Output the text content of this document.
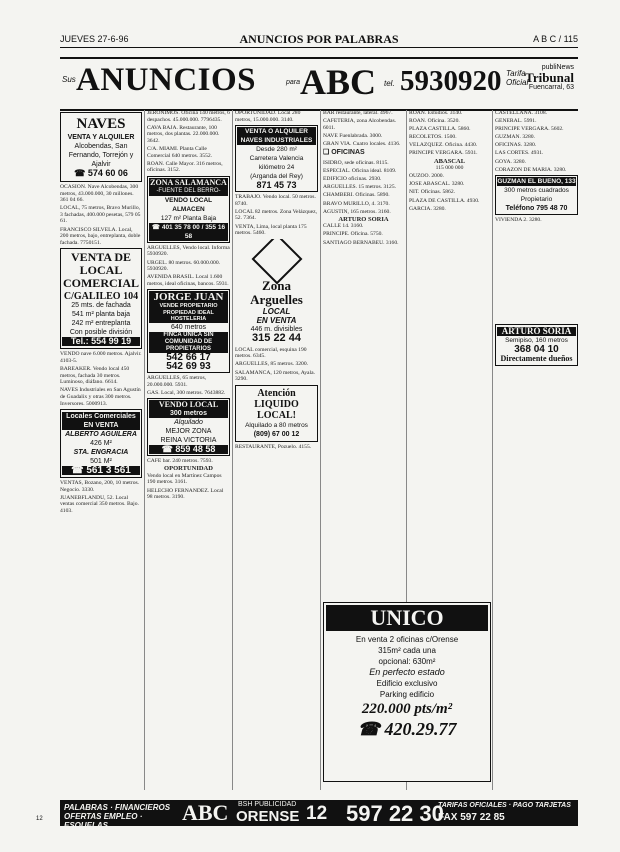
JUEVES 27-6-96	ANUNCIOS POR PALABRAS	A B C / 115
Sus ANUNCIOS	para ABC tel. 5930920 Tarifa Oficial
publiNews
Tribunal
Fuencarral, 63
NAVES
VENTA Y ALQUILER
Alcobendas, San Fernando, Torrejón y Ajalvir
☎ 574 60 06

OCASION. Nave Alcobendas, 300 metros, 43.000.000, 30 millones. 361 04 66.

LOCAL, 75 metros, Bravo Murillo, 3 fachadas, 400.000 pesetas, 579 05 61.

FRANCISCO SILVELA. Local, 200 metros, bajo, entreplanta, doble fachada. 7750151.

VENTA DE LOCAL COMERCIAL
C/GALILEO 104
25 mts. de fachada
541 m² planta baja
242 m² entreplanta
Con posible división
Tel.: 554 99 19

VENDO nave 6.000 metros. Ajalvir. 4103-5.

BAREAKER. Vendo local 450 metros, fachada 30 metros. Luminoso, diáfano. 6614.

NAVES Industriales en San Agustín de Guadalix y otras 300 metros. Inversores. 5000913.

Locales Comerciales EN VENTA
ALBERTO AGUILERA
426 M²
STA. ENGRACIA
501 M²
☎ 561 3 561

VENTAS, Bozano, 200, 10 metros. Negocio. 3330.

JUANEBFLANDU, 52. Local ventas comercial 350 metros. Bajo. 4103.

JERONIMOS. Oficina 140 metros, 6 despachos. 45.000.000. 7796435.

CAVA BAJA. Restaurante, 100 metros, dos plantas. 22.000.000. 3642.

C/A. MIAMI. Planta Calle Comercial 640 metros. 3552.

ROAN. Calle Mayor. 316 metros, oficinas. 3152.

ZONA SALAMANCA
-FUENTE DEL BERRO-
VENDO LOCAL ALMACEN
127 m² Planta Baja
☎ 401 35 78 00 / 355 16 58

ARGUELLES, Vendo local. Informa 5930920.

URGEL. 80 metros. 60.000.000. 5930920.

AVENIDA BRASIL. Local 1.600 metros, ideal oficinas, bancos. 5931.

JORGE JUAN
VENDE PROPIETARIO PROPIEDAD IDEAL HOSTELERIA
640 metros
FINCA UNICA SIN COMUNIDAD DE PROPIETARIOS
542 66 17
542 69 93

ARGUELLES, 65 metros, 20.000.000. 5931.

GAS. Local, 300 metros. 7643882.

VENDO LOCAL
300 metros
Alquilado
MEJOR ZONA
REINA VICTORIA
☎ 859 48 58

CAFE bar. 240 metros. 7593.

OPORTUNIDAD

Vendo local en Martínez Campos 190 metros. 3161.

HELECHO FERNANDEZ. Local 98 metros. 3190.

OPORTUNIDAD. Local 280 metros, 15.000.000. 3140.

VENTA O ALQUILER
NAVES INDUSTRIALES
Desde 280 m²
Carretera Valencia
kilómetro 24
(Arganda del Rey)
871 45 73

TRABAJO. Vendo local. 50 metros. 8740.

LOCAL 82 metros. Zona Velázquez, 52. 7364.

VENTA, Lima, local planta 175 metros. 5460.

Zona Arguelles
LOCAL
EN VENTA
446 m. divisibles
315 22 44

LOCAL comercial, esquina 190 metros. 6345.

ARGUELLES, 85 metros. 3200.

SALAMANCA, 120 metros, Ayala. 3290.

Atención LIQUIDO LOCAL!
Alquilado a 80 metros
(809) 67 00 12

RESTAURANTE, Pozuelo. 4155.

BAR restaurante, lateral. 4967.

CAFETERIA, zona Alcobendas. 6011.

NAVE Fuenlabrada. 3000.

GRAN VIA. Cuatro locales. 4136.

❑ OFICINAS

ISIDRO, sede oficinas. 8115.

ESPECIAL. Oficina ideal. 8109.

EDIFICIO oficinas. 2930.

ARGUELLES. 15 metros. 3125.

CHAMBERI. Oficinas. 5890.

BRAVO MURILLO, 4. 3170.

AGUSTIN, 165 metros. 3160.

ARTURO SORIA

CALLE 14. 3160.

PRINCIPE. Oficina. 5750.

SANTIAGO BERNABEU. 3160.

ROAN. Estudios. 3140.

ROAN. Oficina. 3520.

PLAZA CASTILLA. 5860.

RECOLETOS. 1500.

VELAZQUEZ. Oficina. 4430.

PRINCIPE VERGARA. 5931.

ABASCAL

115 000 000

OUZOO. 2000.

JOSE ABASCAL. 3280.

NIT. Oficinas. 5862.

PLAZA DE CASTILLA. 4930.

GARCIA. 3280.

CASTELLANA. 3108.

GENERAL. 5991.

PRINCIPE VERGARA. 5602.

GUZMAN. 3280.

OFICINAS. 3280.

LAS CORTES. 4931.

GOYA. 3280.

CORAZON DE MARIA. 3280.

GUZMAN EL BUENO, 133
300 metros cuadrados
Propietario
Teléfono 795 48 70

VIVIENDA 2. 3280.

ARTURO SORIA
Semipiso, 160 metros
368 04 10
Directamente dueños
UNICO
En venta 2 oficinas c/Orense
315m² cada una
opcional: 630m²
En perfecto estado
Edificio exclusivo
Parking edificio
220.000 pts/m²
☎ 420.29.77
PALABRAS · FINANCIEROS OFERTAS EMPLEO · ESQUELAS
ABC BSH PUBLICIDAD
ORENSE 12 597 22 30
TARIFAS OFICIALES · PAGO TARJETAS
FAX 597 22 85
12
